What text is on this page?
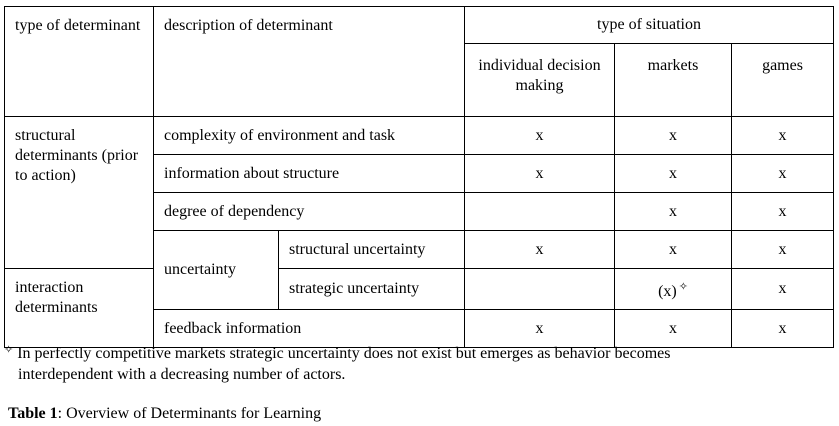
type of determinant	description of determinant		type of situation		
			individual decision making	markets	games
structural determinants (prior to action)	complexity of environment and task		x	x	x
	information about structure		x	x	x
	degree of dependency			x	x
	uncertainty	structural uncertainty	x	x	x
interaction determinants		strategic uncertainty		(x) ✧	x
	feedback information		x	x	x
✧ In perfectly competitive markets strategic uncertainty does not exist but emerges as behavior becomes
interdependent with a decreasing number of actors.
Table 1: Overview of Determinants for Learning
